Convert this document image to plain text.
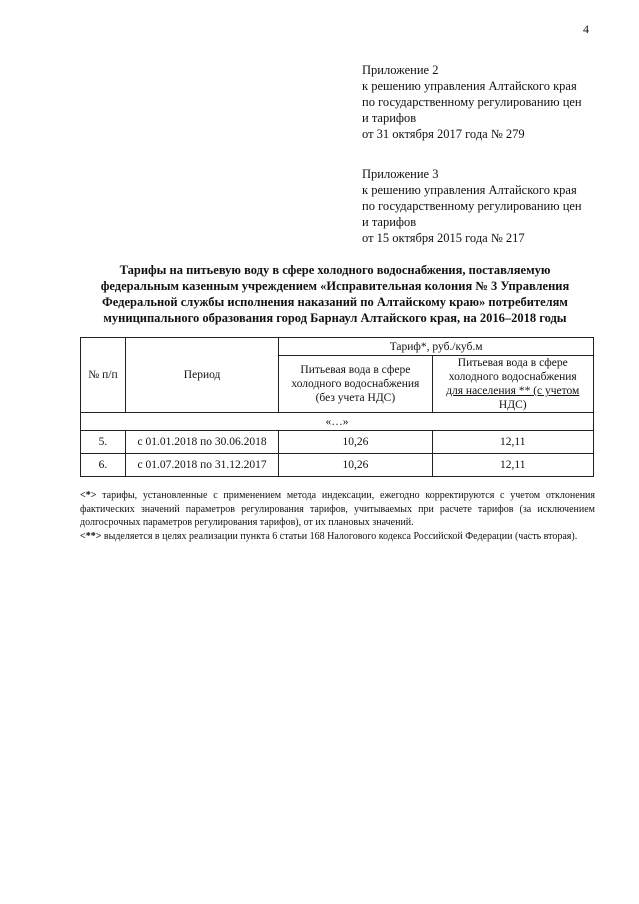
4
Приложение 2
к решению управления Алтайского края
по государственному регулированию цен
и тарифов
от 31 октября 2017 года № 279
Приложение 3
к решению управления Алтайского края
по государственному регулированию цен
и тарифов
от 15 октября 2015 года № 217
Тарифы на питьевую воду в сфере холодного водоснабжения, поставляемую
федеральным казенным учреждением «Исправительная колония № 3 Управления
Федеральной службы исполнения наказаний по Алтайскому краю» потребителям
муниципального образования город Барнаул Алтайского края, на 2016–2018 годы
№ п/п	Период	Тариф*, руб./куб.м	
		Питьевая вода в сфере холодного водоснабжения (без учета НДС)	Питьевая вода в сфере холодного водоснабжения
для населения ** (с учетом
НДС)

«…»			
5.	с 01.01.2018 по 30.06.2018	10,26	12,11
6.	с 01.07.2018 по 31.12.2017	10,26	12,11

<*> тарифы, установленные с применением метода индексации, ежегодно корректируются с учетом отклонения фактических значений параметров регулирования тарифов, учитываемых при расчете тарифов (за исключением долгосрочных параметров регулирования тарифов), от их плановых значений.

<**> выделяется в целях реализации пункта 6 статьи 168 Налогового кодекса Российской Федерации (часть вторая).
